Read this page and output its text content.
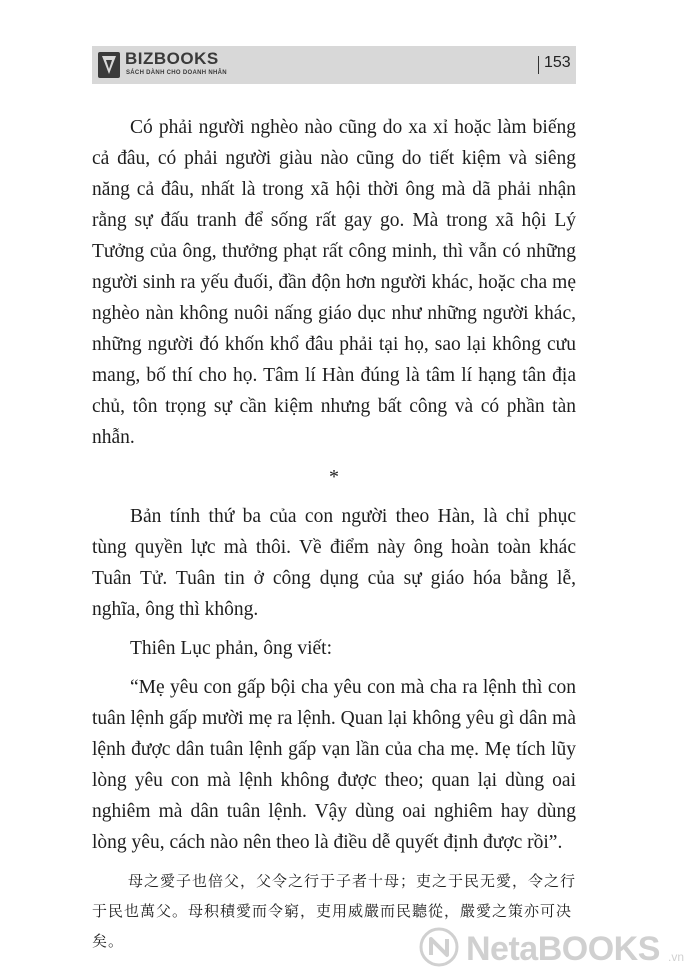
BIZBOOKS
SÁCH DÀNH CHO DOANH NHÂN
153

Có phải người nghèo nào cũng do xa xỉ hoặc làm biếng cả đâu, có phải người giàu nào cũng do tiết kiệm và siêng năng cả đâu, nhất là trong xã hội thời ông mà dã phải nhận rằng sự đấu tranh để sống rất gay go. Mà trong xã hội Lý Tưởng của ông, thưởng phạt rất công minh, thì vẫn có những người sinh ra yếu đuối, đần độn hơn người khác, hoặc cha mẹ nghèo nàn không nuôi nấng giáo dục như những người khác, những người đó khốn khổ đâu phải tại họ, sao lại không cưu mang, bố thí cho họ. Tâm lí Hàn đúng là tâm lí hạng tân địa chủ, tôn trọng sự cần kiệm nhưng bất công và có phần tàn nhẫn.

*

Bản tính thứ ba của con người theo Hàn, là chỉ phục tùng quyền lực mà thôi. Về điểm này ông hoàn toàn khác Tuân Tử. Tuân tin ở công dụng của sự giáo hóa bằng lễ, nghĩa, ông thì không.

Thiên Lục phản, ông viết:

“Mẹ yêu con gấp bội cha yêu con mà cha ra lệnh thì con tuân lệnh gấp mười mẹ ra lệnh. Quan lại không yêu gì dân mà lệnh được dân tuân lệnh gấp vạn lần của cha mẹ. Mẹ tích lũy lòng yêu con mà lệnh không được theo; quan lại dùng oai nghiêm mà dân tuân lệnh. Vậy dùng oai nghiêm hay dùng lòng yêu, cách nào nên theo là điều dễ quyết định được rồi”.

母之愛子也倍父，父令之行于子者十母；吏之于民无愛，令之行于民也萬父。母积積愛而令窮，吏用威嚴而民聽從，嚴愛之策亦可决矣。	NetaBOOKS .vn
